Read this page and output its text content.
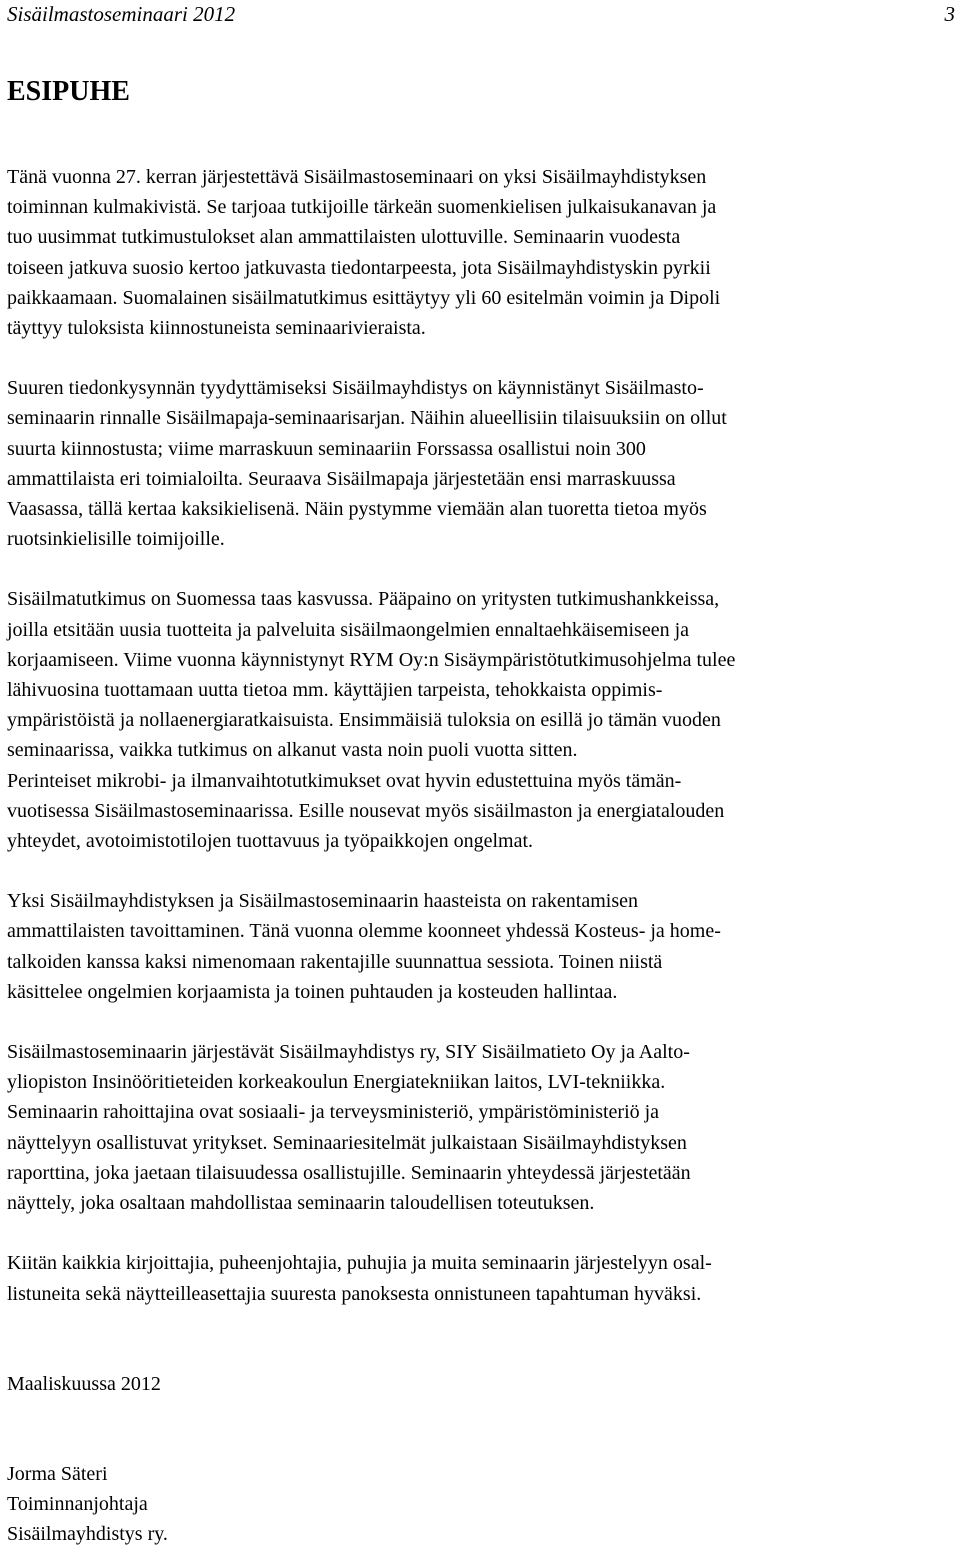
Sisäilmastoseminaari 2012	3
ESIPUHE
Tänä vuonna 27. kerran järjestettävä Sisäilmastoseminaari on yksi Sisäilmayhdistyksen
toiminnan kulmakivistä. Se tarjoaa tutkijoille tärkeän suomenkielisen julkaisukanavan ja
tuo uusimmat tutkimustulokset alan ammattilaisten ulottuville. Seminaarin vuodesta
toiseen jatkuva suosio kertoo jatkuvasta tiedontarpeesta, jota Sisäilmayhdistyskin pyrkii
paikkaamaan. Suomalainen sisäilmatutkimus esittäytyy yli 60 esitelmän voimin ja Dipoli
täyttyy tuloksista kiinnostuneista seminaarivieraista.
Suuren tiedonkysynnän tyydyttämiseksi Sisäilmayhdistys on käynnistänyt Sisäilmasto-
seminaarin rinnalle Sisäilmapaja-seminaarisarjan. Näihin alueellisiin tilaisuuksiin on ollut
suurta kiinnostusta; viime marraskuun seminaariin Forssassa osallistui noin 300
ammattilaista eri toimialoilta. Seuraava Sisäilmapaja järjestetään ensi marraskuussa
Vaasassa, tällä kertaa kaksikielisenä. Näin pystymme viemään alan tuoretta tietoa myös
ruotsinkielisille toimijoille.
Sisäilmatutkimus on Suomessa taas kasvussa. Pääpaino on yritysten tutkimushankkeissa,
joilla etsitään uusia tuotteita ja palveluita sisäilmaongelmien ennaltaehkäisemiseen ja
korjaamiseen. Viime vuonna käynnistynyt RYM Oy:n Sisäympäristötutkimusohjelma tulee
lähivuosina tuottamaan uutta tietoa mm. käyttäjien tarpeista, tehokkaista oppimis-
ympäristöistä ja nollaenergiaratkaisuista. Ensimmäisiä tuloksia on esillä jo tämän vuoden
seminaarissa, vaikka tutkimus on alkanut vasta noin puoli vuotta sitten.
Perinteiset mikrobi- ja ilmanvaihtotutkimukset ovat hyvin edustettuina myös tämän-
vuotisessa Sisäilmastoseminaarissa. Esille nousevat myös sisäilmaston ja energiatalouden
yhteydet, avotoimistotilojen tuottavuus ja työpaikkojen ongelmat.
Yksi Sisäilmayhdistyksen ja Sisäilmastoseminaarin haasteista on rakentamisen
ammattilaisten tavoittaminen. Tänä vuonna olemme koonneet yhdessä Kosteus- ja home-
talkoiden kanssa kaksi nimenomaan rakentajille suunnattua sessiota. Toinen niistä
käsittelee ongelmien korjaamista ja toinen puhtauden ja kosteuden hallintaa.
Sisäilmastoseminaarin järjestävät Sisäilmayhdistys ry, SIY Sisäilmatieto Oy ja Aalto-
yliopiston Insinööritieteiden korkeakoulun Energiatekniikan laitos, LVI-tekniikka.
Seminaarin rahoittajina ovat sosiaali- ja terveysministeriö, ympäristöministeriö ja
näyttelyyn osallistuvat yritykset. Seminaariesitelmät julkaistaan Sisäilmayhdistyksen
raporttina, joka jaetaan tilaisuudessa osallistujille. Seminaarin yhteydessä järjestetään
näyttely, joka osaltaan mahdollistaa seminaarin taloudellisen toteutuksen.
Kiitän kaikkia kirjoittajia, puheenjohtajia, puhujia ja muita seminaarin järjestelyyn osal-
listuneita sekä näytteilleasettajia suuresta panoksesta onnistuneen tapahtuman hyväksi.
Maaliskuussa 2012

Jorma Säteri

Toiminnanjohtaja

Sisäilmayhdistys ry.
